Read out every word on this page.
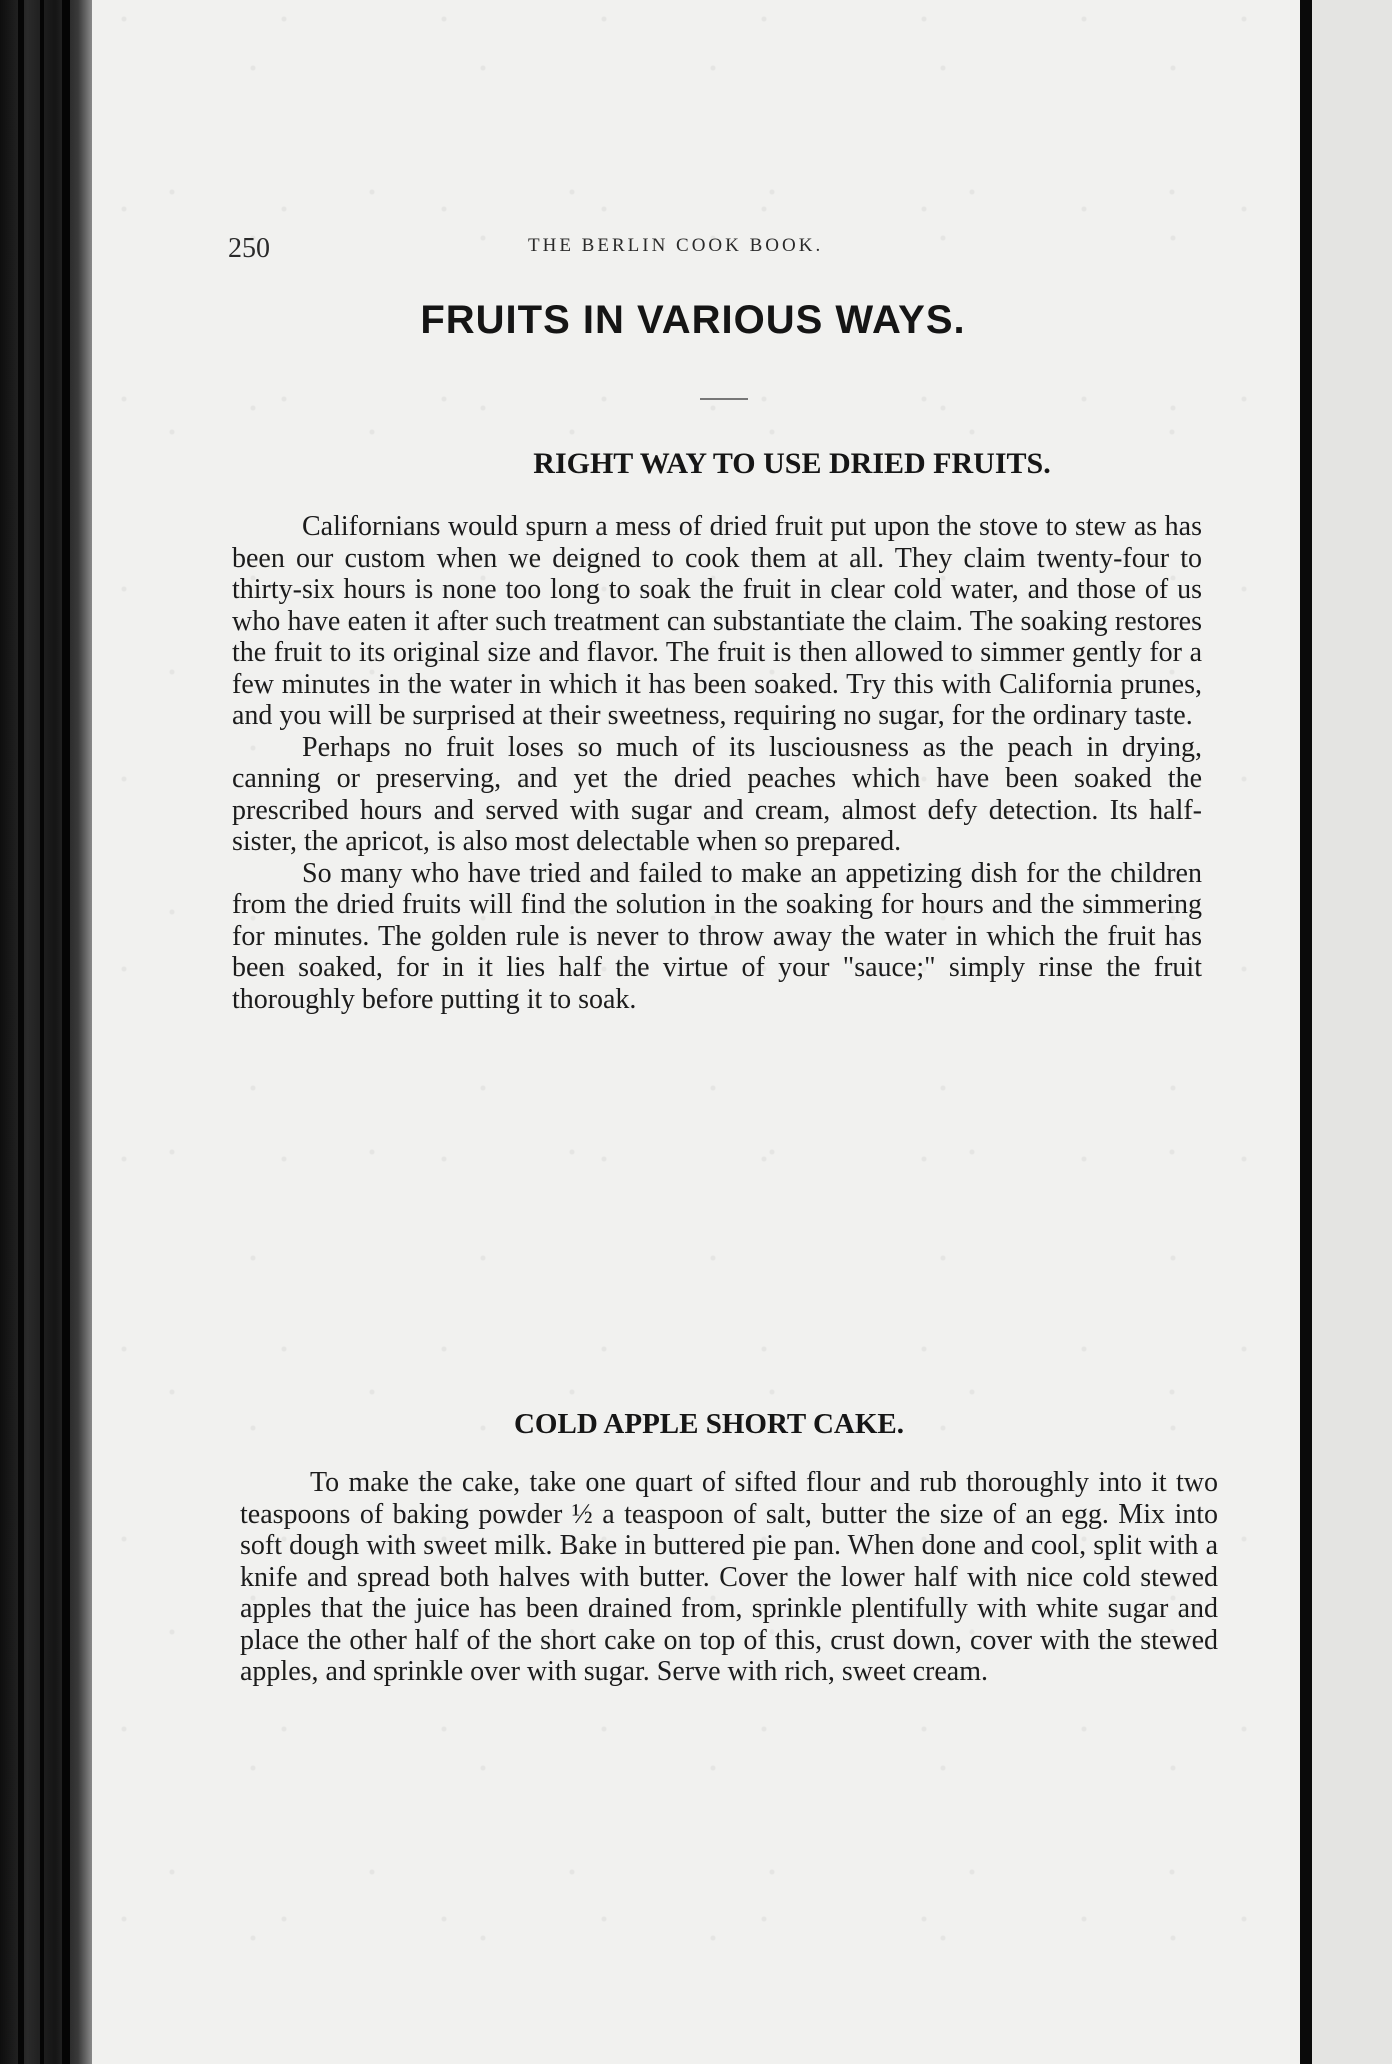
250	THE BERLIN COOK BOOK.
FRUITS IN VARIOUS WAYS.
RIGHT WAY TO USE DRIED FRUITS.

Californians would spurn a mess of dried fruit put upon the stove to stew as has been our custom when we deigned to cook them at all. They claim twenty-four to thirty-six hours is none too long to soak the fruit in clear cold water, and those of us who have eaten it after such treatment can substantiate the claim. The soaking restores the fruit to its original size and flavor. The fruit is then allowed to simmer gently for a few minutes in the water in which it has been soaked. Try this with California prunes, and you will be surprised at their sweetness, requiring no sugar, for the ordinary taste.

Perhaps no fruit loses so much of its lusciousness as the peach in drying, canning or preserving, and yet the dried peaches which have been soaked the prescribed hours and served with sugar and cream, almost defy detection. Its half-sister, the apricot, is also most delectable when so prepared.

So many who have tried and failed to make an appetizing dish for the children from the dried fruits will find the solution in the soaking for hours and the simmering for minutes. The golden rule is never to throw away the water in which the fruit has been soaked, for in it lies half the virtue of your "sauce;" simply rinse the fruit thoroughly before putting it to soak.

COLD APPLE SHORT CAKE.

To make the cake, take one quart of sifted flour and rub thoroughly into it two teaspoons of baking powder ½ a teaspoon of salt, butter the size of an egg. Mix into soft dough with sweet milk. Bake in buttered pie pan. When done and cool, split with a knife and spread both halves with butter. Cover the lower half with nice cold stewed apples that the juice has been drained from, sprinkle plentifully with white sugar and place the other half of the short cake on top of this, crust down, cover with the stewed apples, and sprinkle over with sugar. Serve with rich, sweet cream.
